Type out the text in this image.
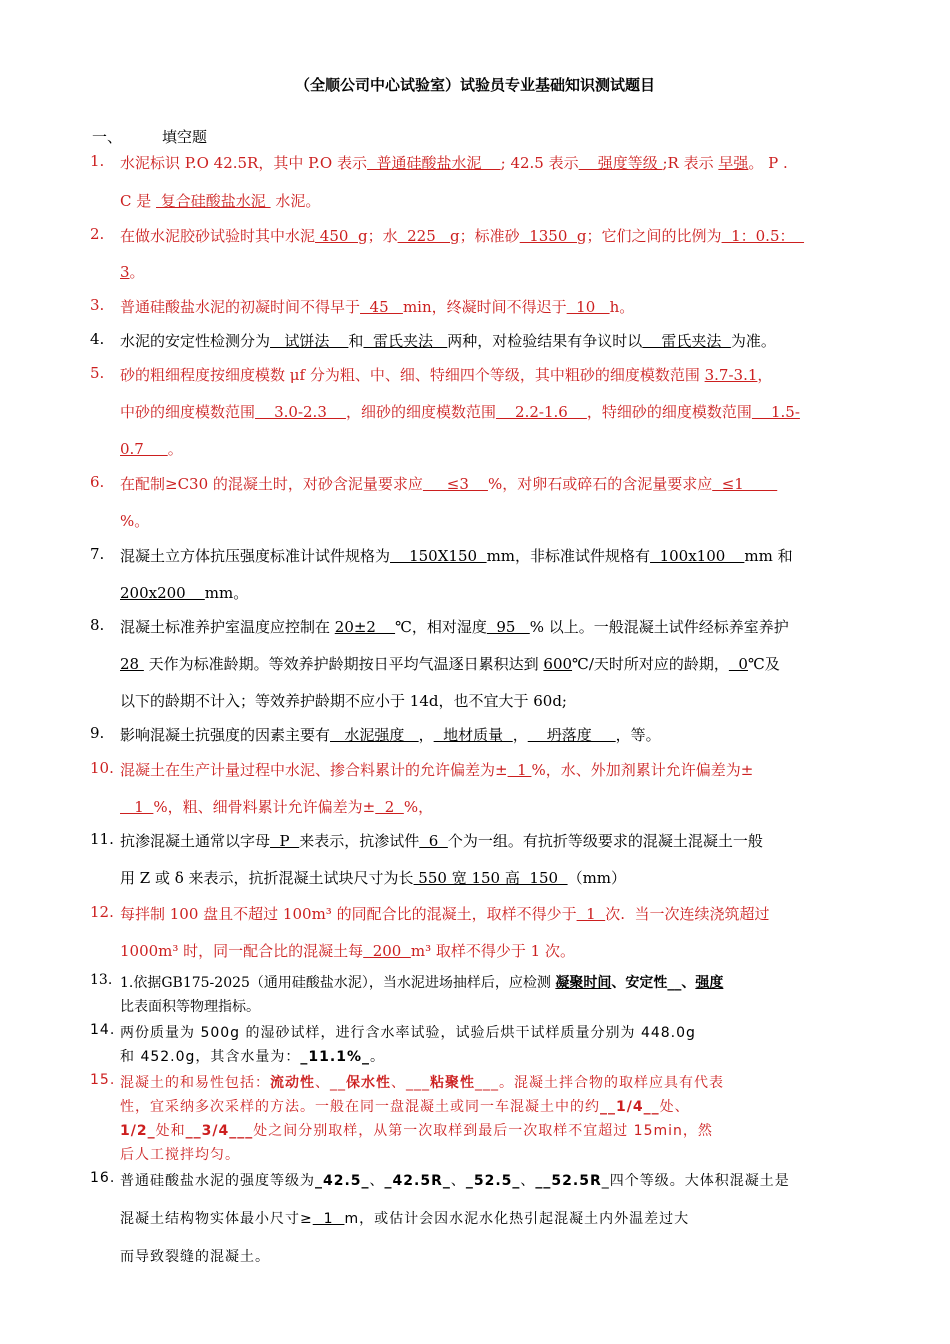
（全顺公司中心试验室）试验员专业基础知识测试题目
一、	填空题
1. 水泥标识 P.O 42.5R，其中 P.O 表示  普通硅酸盐水泥    ; 42.5 表示    强度等级 ;R 表示 早强。 P .
C 是  复合硅酸盐水泥  水泥。
2. 在做水泥胶砂试验时其中水泥 450  g；水  225   g；标准砂  1350  g；它们之间的比例为  1：0.5：
3。
3. 普通硅酸盐水泥的初凝时间不得早于  45   min，终凝时间不得迟于  10   h。
4. 水泥的安定性检测分为   试饼法    和  雷氏夹法   两种，对检验结果有争议时以    雷氏夹法  为准。
5. 砂的粗细程度按细度模数 μf 分为粗、中、细、特细四个等级，其中粗砂的细度模数范围 3.7-3.1，
中砂的细度模数范围    3.0-2.3    ，细砂的细度模数范围    2.2-1.6    ，特细砂的细度模数范围    1.5-
0.7     。
6. 在配制≥C30 的混凝土时，对砂含泥量要求应     ≤3    %，对卵石或碎石的含泥量要求应  ≤1
%。
7. 混凝土立方体抗压强度标准计试件规格为    150X150  mm，非标准试件规格有  100x100    mm 和
200x200    mm。
8. 混凝土标准养护室温度应控制在 20±2    ℃，相对湿度  95   % 以上。一般混凝土试件经标养室养护
28  天作为标准龄期。等效养护龄期按日平均气温逐日累积达到 600℃/天时所对应的龄期，  0℃及
以下的龄期不计入；等效养护龄期不应小于 14d，也不宜大于 60d;
9. 影响混凝土抗强度的因素主要有   水泥强度   ，  地材质量  ，    坍落度     ，等。
10. 混凝土在生产计量过程中水泥、掺合料累计的允许偏差为±  1 %，水、外加剂累计允许偏差为±
1  %，粗、细骨料累计允许偏差为±  2  %，
11. 抗渗混凝土通常以字母  P  来表示，抗渗试件  6  个为一组。有抗折等级要求的混凝土混凝土一般
用 Z 或 δ 来表示，抗折混凝土试块尺寸为长 550 宽 150 高  150  （mm）
12. 每拌制 100 盘且不超过 100m³ 的同配合比的混凝土，取样不得少于  1  次.  当一次连续浇筑超过
1000m³ 时，同一配合比的混凝土每  200  m³ 取样不得少于 1 次。
13. 1.依据GB175-2025（通用硅酸盐水泥），当水泥进场抽样后，应检测 凝聚时间、安定性__、强度
比表面积等物理指标。
14. 两份质量为 500g 的湿砂试样，进行含水率试验，试验后烘干试样质量分别为 448.0g
和 452.0g，其含水量为：_11.1%_。
15. 混凝土的和易性包括：流动性、__保水性、___粘聚性___。混凝土拌合物的取样应具有代表
性，宜采纳多次采样的方法。一般在同一盘混凝土或同一车混凝土中的约__1/4__处、
1/2_处和__3/4___处之间分别取样，从第一次取样到最后一次取样不宜超过 15min，然
后人工搅拌均匀。
16. 普通硅酸盐水泥的强度等级为_42.5_、_42.5R_、_52.5_、__52.5R_四个等级。大体积混凝土是
混凝土结构物实体最小尺寸≥  1  m，或估计会因水泥水化热引起混凝土内外温差过大
而导致裂缝的混凝土。
